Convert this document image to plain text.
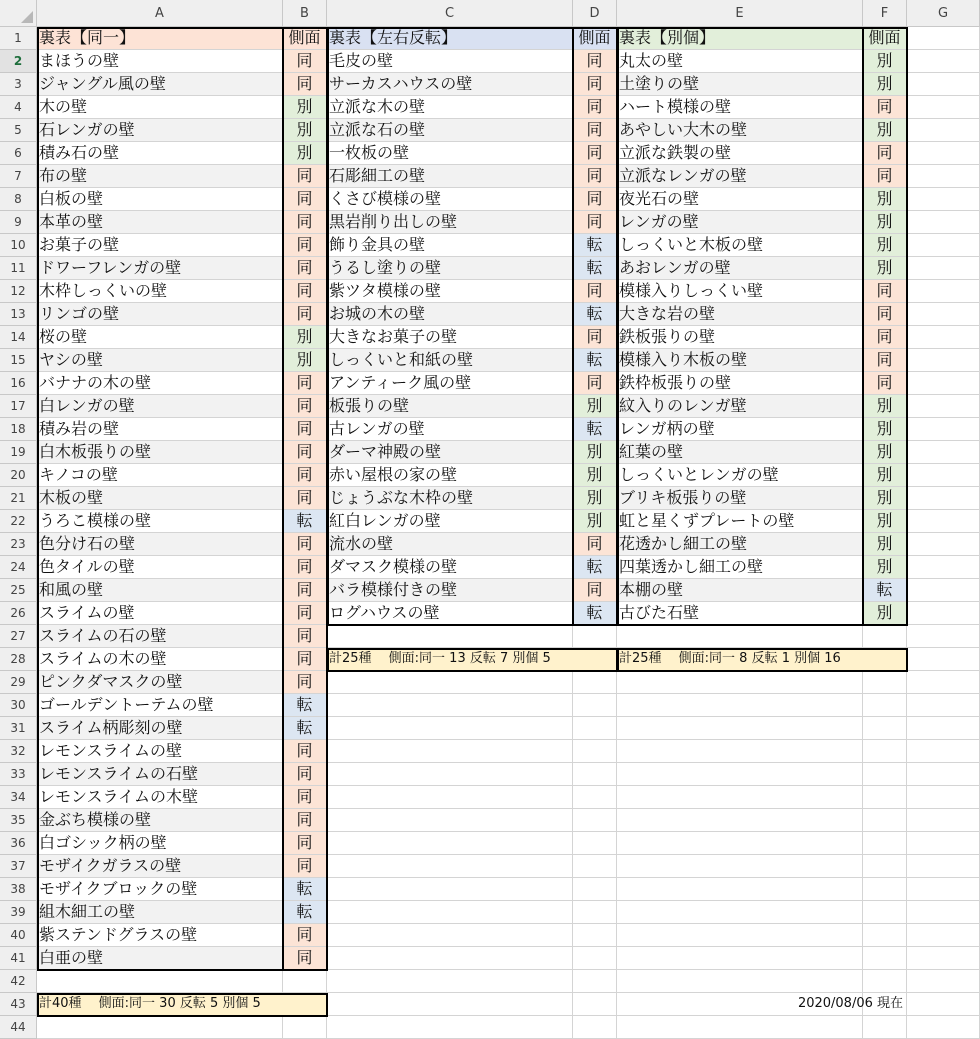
A	B	C	D	E	F	G
1
2
3
4
5
6
7
8
9
10
11
12
13
14
15
16
17
18
19
20
21
22
23
24
25
26
27
28
29
30
31
32
33
34
35
36
37
38
39
40
41
42
43
44
裏表【同一】	側面
まほうの壁	同
ジャングル風の壁	同
木の壁	別
石レンガの壁	別
積み石の壁	別
布の壁	同
白板の壁	同
本革の壁	同
お菓子の壁	同
ドワーフレンガの壁	同
木枠しっくいの壁	同
リンゴの壁	同
桜の壁	別
ヤシの壁	別
バナナの木の壁	同
白レンガの壁	同
積み岩の壁	同
白木板張りの壁	同
キノコの壁	同
木板の壁	同
うろこ模様の壁	転
色分け石の壁	同
色タイルの壁	同
和風の壁	同
スライムの壁	同
スライムの石の壁	同
スライムの木の壁	同
ピンクダマスクの壁	同
ゴールデントーテムの壁	転
スライム柄彫刻の壁	転
レモンスライムの壁	同
レモンスライムの石壁	同
レモンスライムの木壁	同
金ぶち模様の壁	同
白ゴシック柄の壁	同
モザイクガラスの壁	同
モザイクブロックの壁	転
組木細工の壁	転
紫ステンドグラスの壁	同
白亜の壁	同
裏表【左右反転】	側面
毛皮の壁	同
サーカスハウスの壁	同
立派な木の壁	同
立派な石の壁	同
一枚板の壁	同
石彫細工の壁	同
くさび模様の壁	同
黒岩削り出しの壁	同
飾り金具の壁	転
うるし塗りの壁	転
紫ツタ模様の壁	同
お城の木の壁	転
大きなお菓子の壁	同
しっくいと和紙の壁	転
アンティーク風の壁	同
板張りの壁	別
古レンガの壁	転
ダーマ神殿の壁	別
赤い屋根の家の壁	別
じょうぶな木枠の壁	別
紅白レンガの壁	別
流水の壁	同
ダマスク模様の壁	転
バラ模様付きの壁	同
ログハウスの壁	転
裏表【別個】	側面
丸太の壁	別
土塗りの壁	別
ハート模様の壁	同
あやしい大木の壁	別
立派な鉄製の壁	同
立派なレンガの壁	同
夜光石の壁	別
レンガの壁	別
しっくいと木板の壁	別
あおレンガの壁	別
模様入りしっくい壁	同
大きな岩の壁	同
鉄板張りの壁	同
模様入り木板の壁	同
鉄枠板張りの壁	同
紋入りのレンガ壁	別
レンガ柄の壁	別
紅葉の壁	別
しっくいとレンガの壁	別
ブリキ板張りの壁	別
虹と星くずプレートの壁	別
花透かし細工の壁	別
四葉透かし細工の壁	別
本棚の壁	転
古びた石壁	別
計40種　 側面:同一 30 反転 5 別個 5
計25種　 側面:同一 13 反転 7 別個 5	計25種　 側面:同一 8 反転 1 別個 16
2020/08/06 現在
